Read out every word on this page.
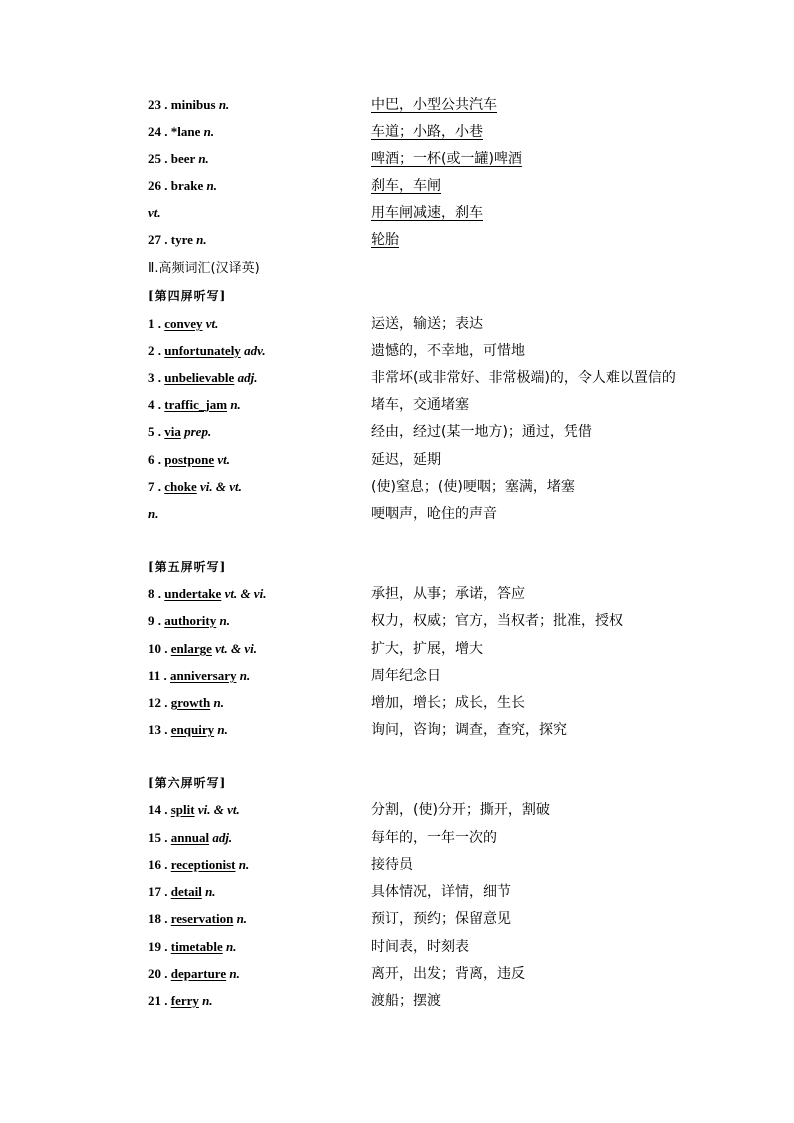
23 . minibus n.	中巴，小型公共汽车
24 . *lane n.	车道；小路，小巷
25 . beer n.	啤酒；一杯(或一罐)啤酒
26 . brake n.	刹车，车闸
vt.	用车闸减速，刹车
27 . tyre n.	轮胎
Ⅱ.高频词汇(汉译英)
[第四屏听写]
1 . convey vt.	运送，输送；表达
2 . unfortunately adv.	遗憾的，不幸地，可惜地
3 . unbelievable adj.	非常坏(或非常好、非常极端)的，令人难以置信的
4 . traffic_jam n.	堵车，交通堵塞
5 . via prep.	经由，经过(某一地方)；通过，凭借
6 . postpone vt.	延迟，延期
7 . choke vi. & vt.	(使)窒息；(使)哽咽；塞满，堵塞
n.	哽咽声，呛住的声音
[第五屏听写]
8 . undertake vt. & vi.	承担，从事；承诺，答应
9 . authority n.	权力，权威；官方，当权者；批准，授权
10 . enlarge vt. & vi.	扩大，扩展，增大
11 . anniversary n.	周年纪念日
12 . growth n.	增加，增长；成长，生长
13 . enquiry n.	询问，咨询；调查，查究，探究
[第六屏听写]
14 . split vi. & vt.	分割，(使)分开；撕开，割破
15 . annual adj.	每年的，一年一次的
16 . receptionist n.	接待员
17 . detail n.	具体情况，详情，细节
18 . reservation n.	预订，预约；保留意见
19 . timetable n.	时间表，时刻表
20 . departure n.	离开，出发；背离，违反
21 . ferry n.	渡船；摆渡
